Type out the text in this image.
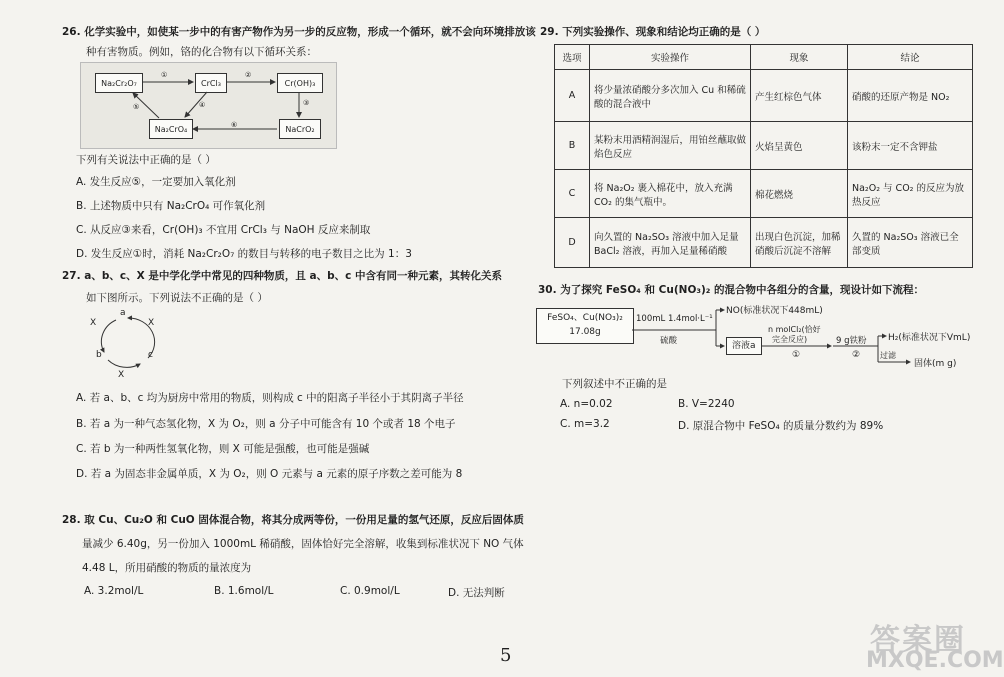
26. 化学实验中，如使某一步中的有害产物作为另一步的反应物，形成一个循环，就不会向环境排放该
种有害物质。例如，铬的化合物有以下循环关系：
Na₂Cr₂O₇	CrCl₃	Cr(OH)₃
Na₂CrO₄	NaCrO₂
①	②
③
④
⑤
⑥
下列有关说法中正确的是（ ）
A. 发生反应⑤，一定要加入氧化剂
B. 上述物质中只有 Na₂CrO₄ 可作氧化剂
C. 从反应③来看，Cr(OH)₃ 不宜用 CrCl₃ 与 NaOH 反应来制取
D. 发生反应①时，消耗 Na₂Cr₂O₇ 的数目与转移的电子数目之比为 1：3
27. a、b、c、X 是中学化学中常见的四种物质，且 a、b、c 中含有同一种元素，其转化关系
如下图所示。下列说法不正确的是（ ）
a
b	c
X	X
X
A. 若 a、b、c 均为厨房中常用的物质，则构成 c 中的阳离子半径小于其阴离子半径
B. 若 a 为一种气态氢化物，X 为 O₂，则 a 分子中可能含有 10 个或者 18 个电子
C. 若 b 为一种两性氢氧化物，则 X 可能是强酸，也可能是强碱
D. 若 a 为固态非金属单质，X 为 O₂，则 O 元素与 a 元素的原子序数之差可能为 8
28. 取 Cu、Cu₂O 和 CuO 固体混合物，将其分成两等份，一份用足量的氢气还原，反应后固体质
量减少 6.40g，另一份加入 1000mL 稀硝酸，固体恰好完全溶解，收集到标准状况下 NO 气体
4.48 L，所用硝酸的物质的量浓度为
A. 3.2mol/L	B. 1.6mol/L	C. 0.9mol/L	D. 无法判断
29. 下列实验操作、现象和结论均正确的是（ ）
选项	实验操作	现象	结论
A	将少量浓硝酸分多次加入 Cu 和稀硫酸的混合液中	产生红棕色气体	硝酸的还原产物是 NO₂
B	某粉末用酒精润湿后，用铂丝蘸取做焰色反应	火焰呈黄色	该粉末一定不含钾盐
C	将 Na₂O₂ 裹入棉花中，放入充满 CO₂ 的集气瓶中。	棉花燃烧	Na₂O₂ 与 CO₂ 的反应为放热反应
D	向久置的 Na₂SO₃ 溶液中加入足量 BaCl₂ 溶液，再加入足量稀硝酸	出现白色沉淀，加稀硝酸后沉淀不溶解	久置的 Na₂SO₃ 溶液已全部变质
30. 为了探究 FeSO₄ 和 Cu(NO₃)₂ 的混合物中各组分的含量，现设计如下流程：
FeSO₄、Cu(NO₃)₂
17.08g
100mL 1.4mol·L⁻¹
硫酸
NO(标准状况下448mL)
溶液a
n molCl₂(恰好
完全反应)
①
9 g铁粉
②
H₂(标准状况下VmL)
过滤
固体(m g)
下列叙述中不正确的是
A. n=0.02	B. V=2240
C. m=3.2	D. 原混合物中 FeSO₄ 的质量分数约为 89%
5	答案圈
MXQE.COM
